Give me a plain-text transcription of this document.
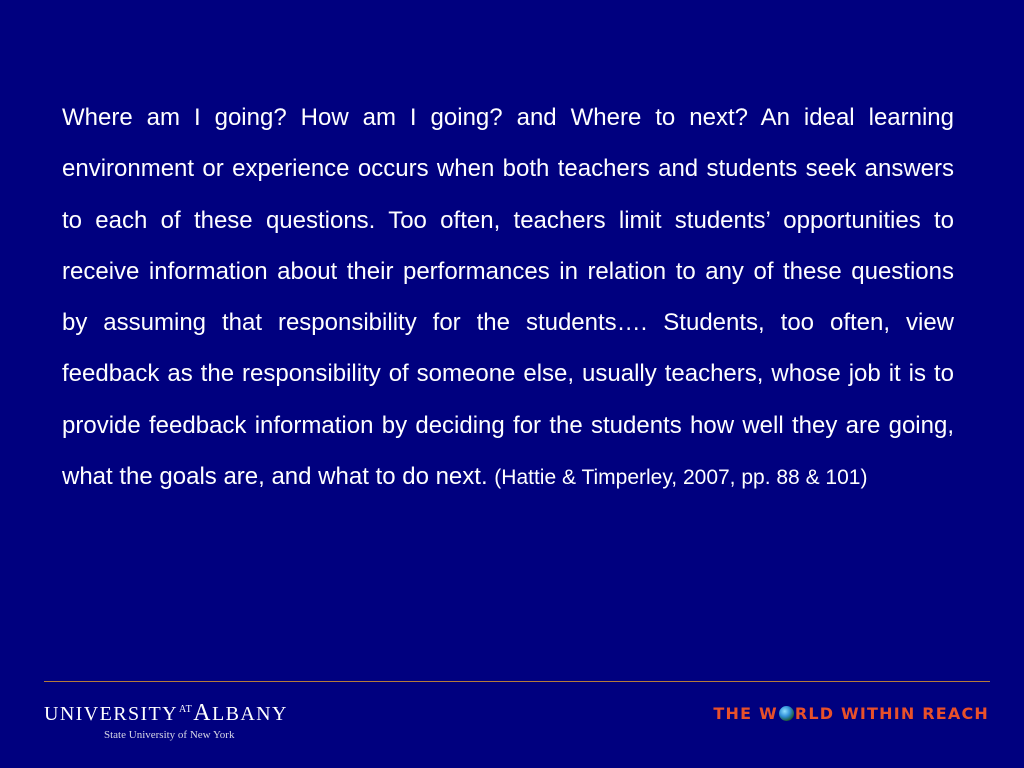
Where am I going? How am I going? and Where to next? An ideal learning environment or experience occurs when both teachers and students seek answers to each of these questions. Too often, teachers limit students’ opportunities to receive information about their performances in relation to any of these questions by assuming that responsibility for the students…. Students, too often, view feedback as the responsibility of someone else, usually teachers, whose job it is to provide feedback information by deciding for the students how well they are going, what the goals are, and what to do next. (Hattie & Timperley, 2007, pp. 88 & 101)

$UNIVERSITY^{AT}ALBANY$
State University of New York
THE W RLD WITHIN REACH
